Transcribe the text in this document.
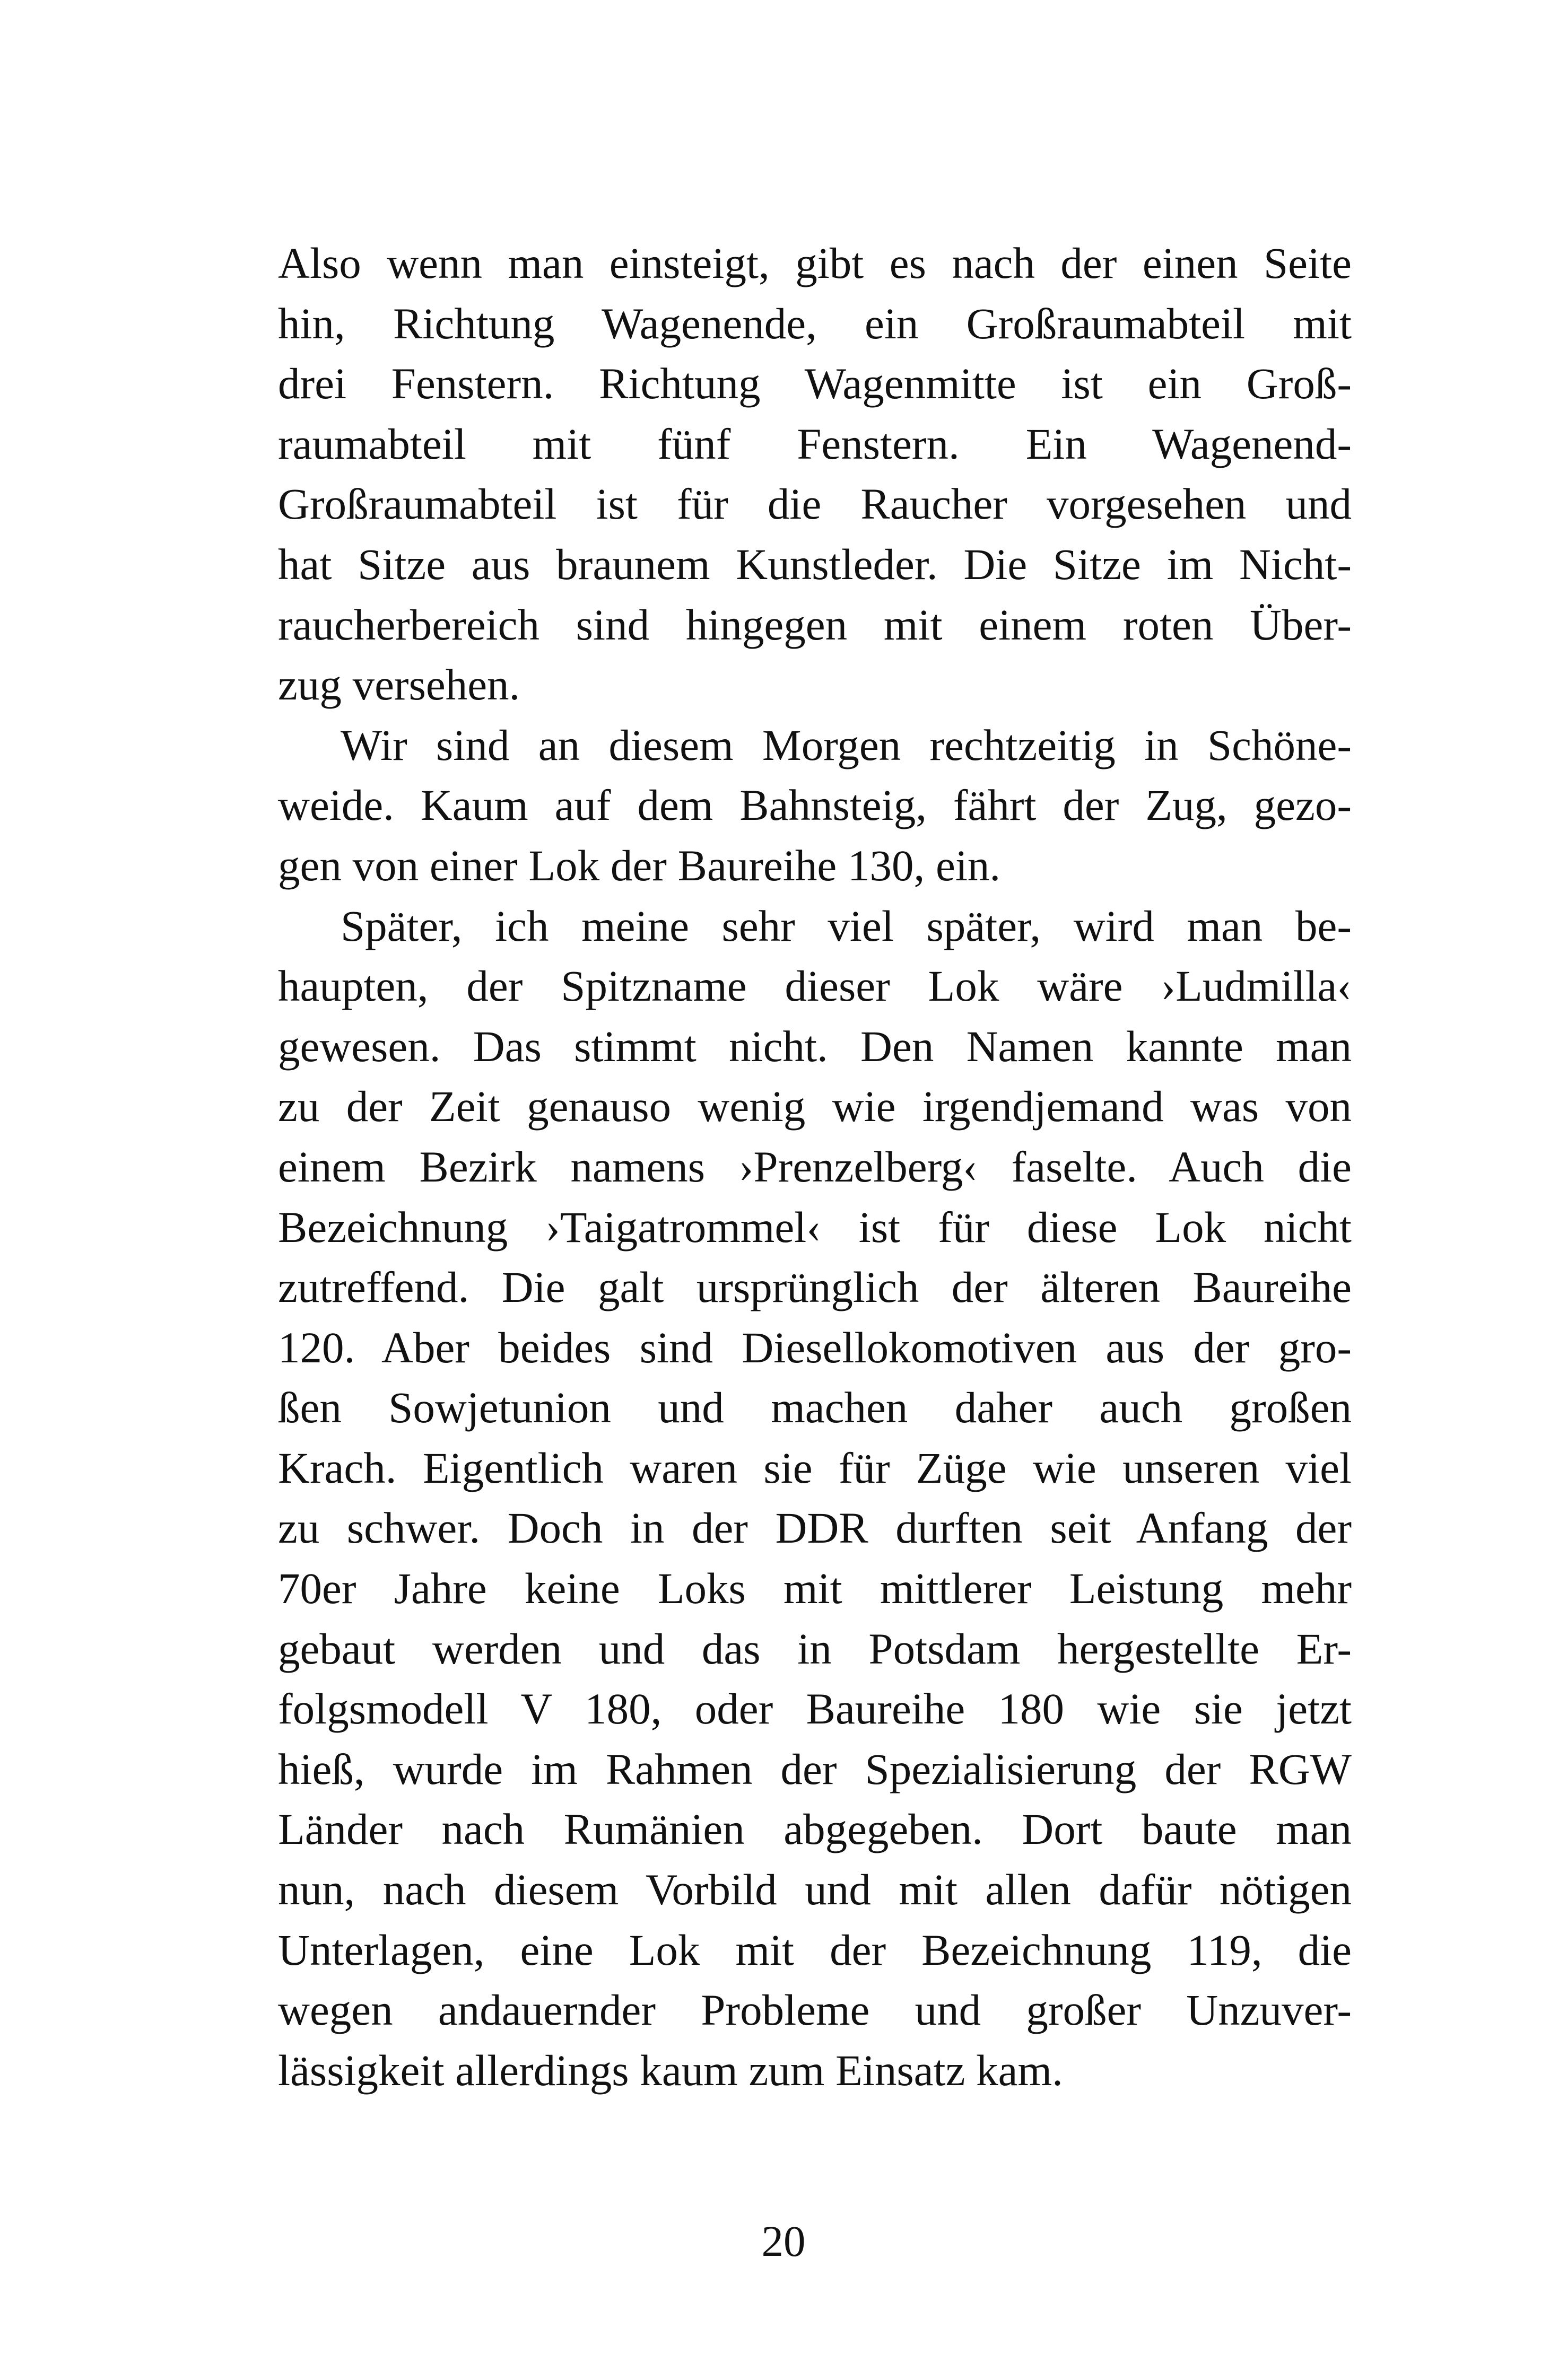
Also wenn man einsteigt, gibt es nach der einen Seite
hin, Richtung Wagenende, ein Großraumabteil mit
drei Fenstern. Richtung Wagenmitte ist ein Groß-
raumabteil mit fünf Fenstern. Ein Wagenend-
Großraumabteil ist für die Raucher vorgesehen und
hat Sitze aus braunem Kunstleder. Die Sitze im Nicht-
raucherbereich sind hingegen mit einem roten Über-
zug versehen.

Wir sind an diesem Morgen rechtzeitig in Schöne-
weide. Kaum auf dem Bahnsteig, fährt der Zug, gezo-
gen von einer Lok der Baureihe 130, ein.

Später, ich meine sehr viel später, wird man be-
haupten, der Spitzname dieser Lok wäre ›Ludmilla‹
gewesen. Das stimmt nicht. Den Namen kannte man
zu der Zeit genauso wenig wie irgendjemand was von
einem Bezirk namens ›Prenzelberg‹ faselte. Auch die
Bezeichnung ›Taigatrommel‹ ist für diese Lok nicht
zutreffend. Die galt ursprünglich der älteren Baureihe
120. Aber beides sind Diesellokomotiven aus der gro-
ßen Sowjetunion und machen daher auch großen
Krach. Eigentlich waren sie für Züge wie unseren viel
zu schwer. Doch in der DDR durften seit Anfang der
70er Jahre keine Loks mit mittlerer Leistung mehr
gebaut werden und das in Potsdam hergestellte Er-
folgsmodell V 180, oder Baureihe 180 wie sie jetzt
hieß, wurde im Rahmen der Spezialisierung der RGW
Länder nach Rumänien abgegeben. Dort baute man
nun, nach diesem Vorbild und mit allen dafür nötigen
Unterlagen, eine Lok mit der Bezeichnung 119, die
wegen andauernder Probleme und großer Unzuver-
lässigkeit allerdings kaum zum Einsatz kam.

20
